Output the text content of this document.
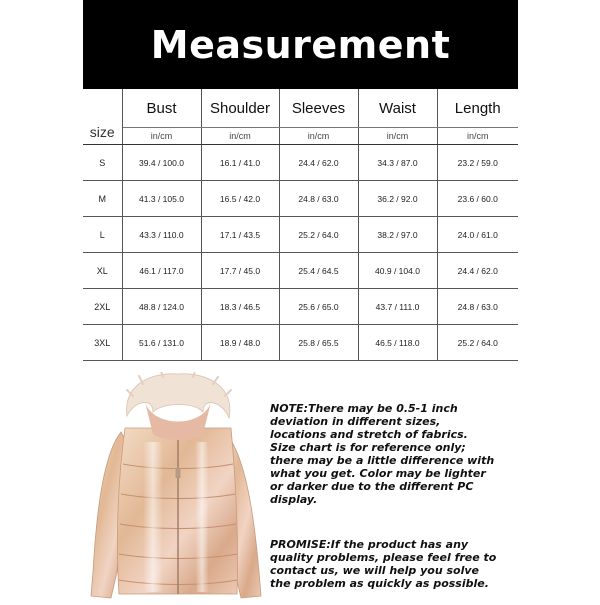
Measurement
size	Bust	Shoulder	Sleeves	Waist	Length
	in/cm	in/cm	in/cm	in/cm	in/cm
S	39.4 / 100.0	16.1 / 41.0	24.4 / 62.0	34.3 / 87.0	23.2 / 59.0
M	41.3 / 105.0	16.5 / 42.0	24.8 / 63.0	36.2 / 92.0	23.6 / 60.0
L	43.3 / 110.0	17.1 / 43.5	25.2 / 64.0	38.2 / 97.0	24.0 / 61.0
XL	46.1 / 117.0	17.7 / 45.0	25.4 / 64.5	40.9 / 104.0	24.4 / 62.0
2XL	48.8 / 124.0	18.3 / 46.5	25.6 / 65.0	43.7 / 111.0	24.8 / 63.0
3XL	51.6 / 131.0	18.9 / 48.0	25.8 / 65.5	46.5 / 118.0	25.2 / 64.0
NOTE:There may be 0.5-1 inch deviation in different sizes, locations and stretch of fabrics. Size chart is for reference only; there may be a little difference with what you get. Color may be lighter or darker due to the different PC display.
PROMISE:If the product has any quality problems, please feel free to contact us, we will help you solve the problem as quickly as possible.
